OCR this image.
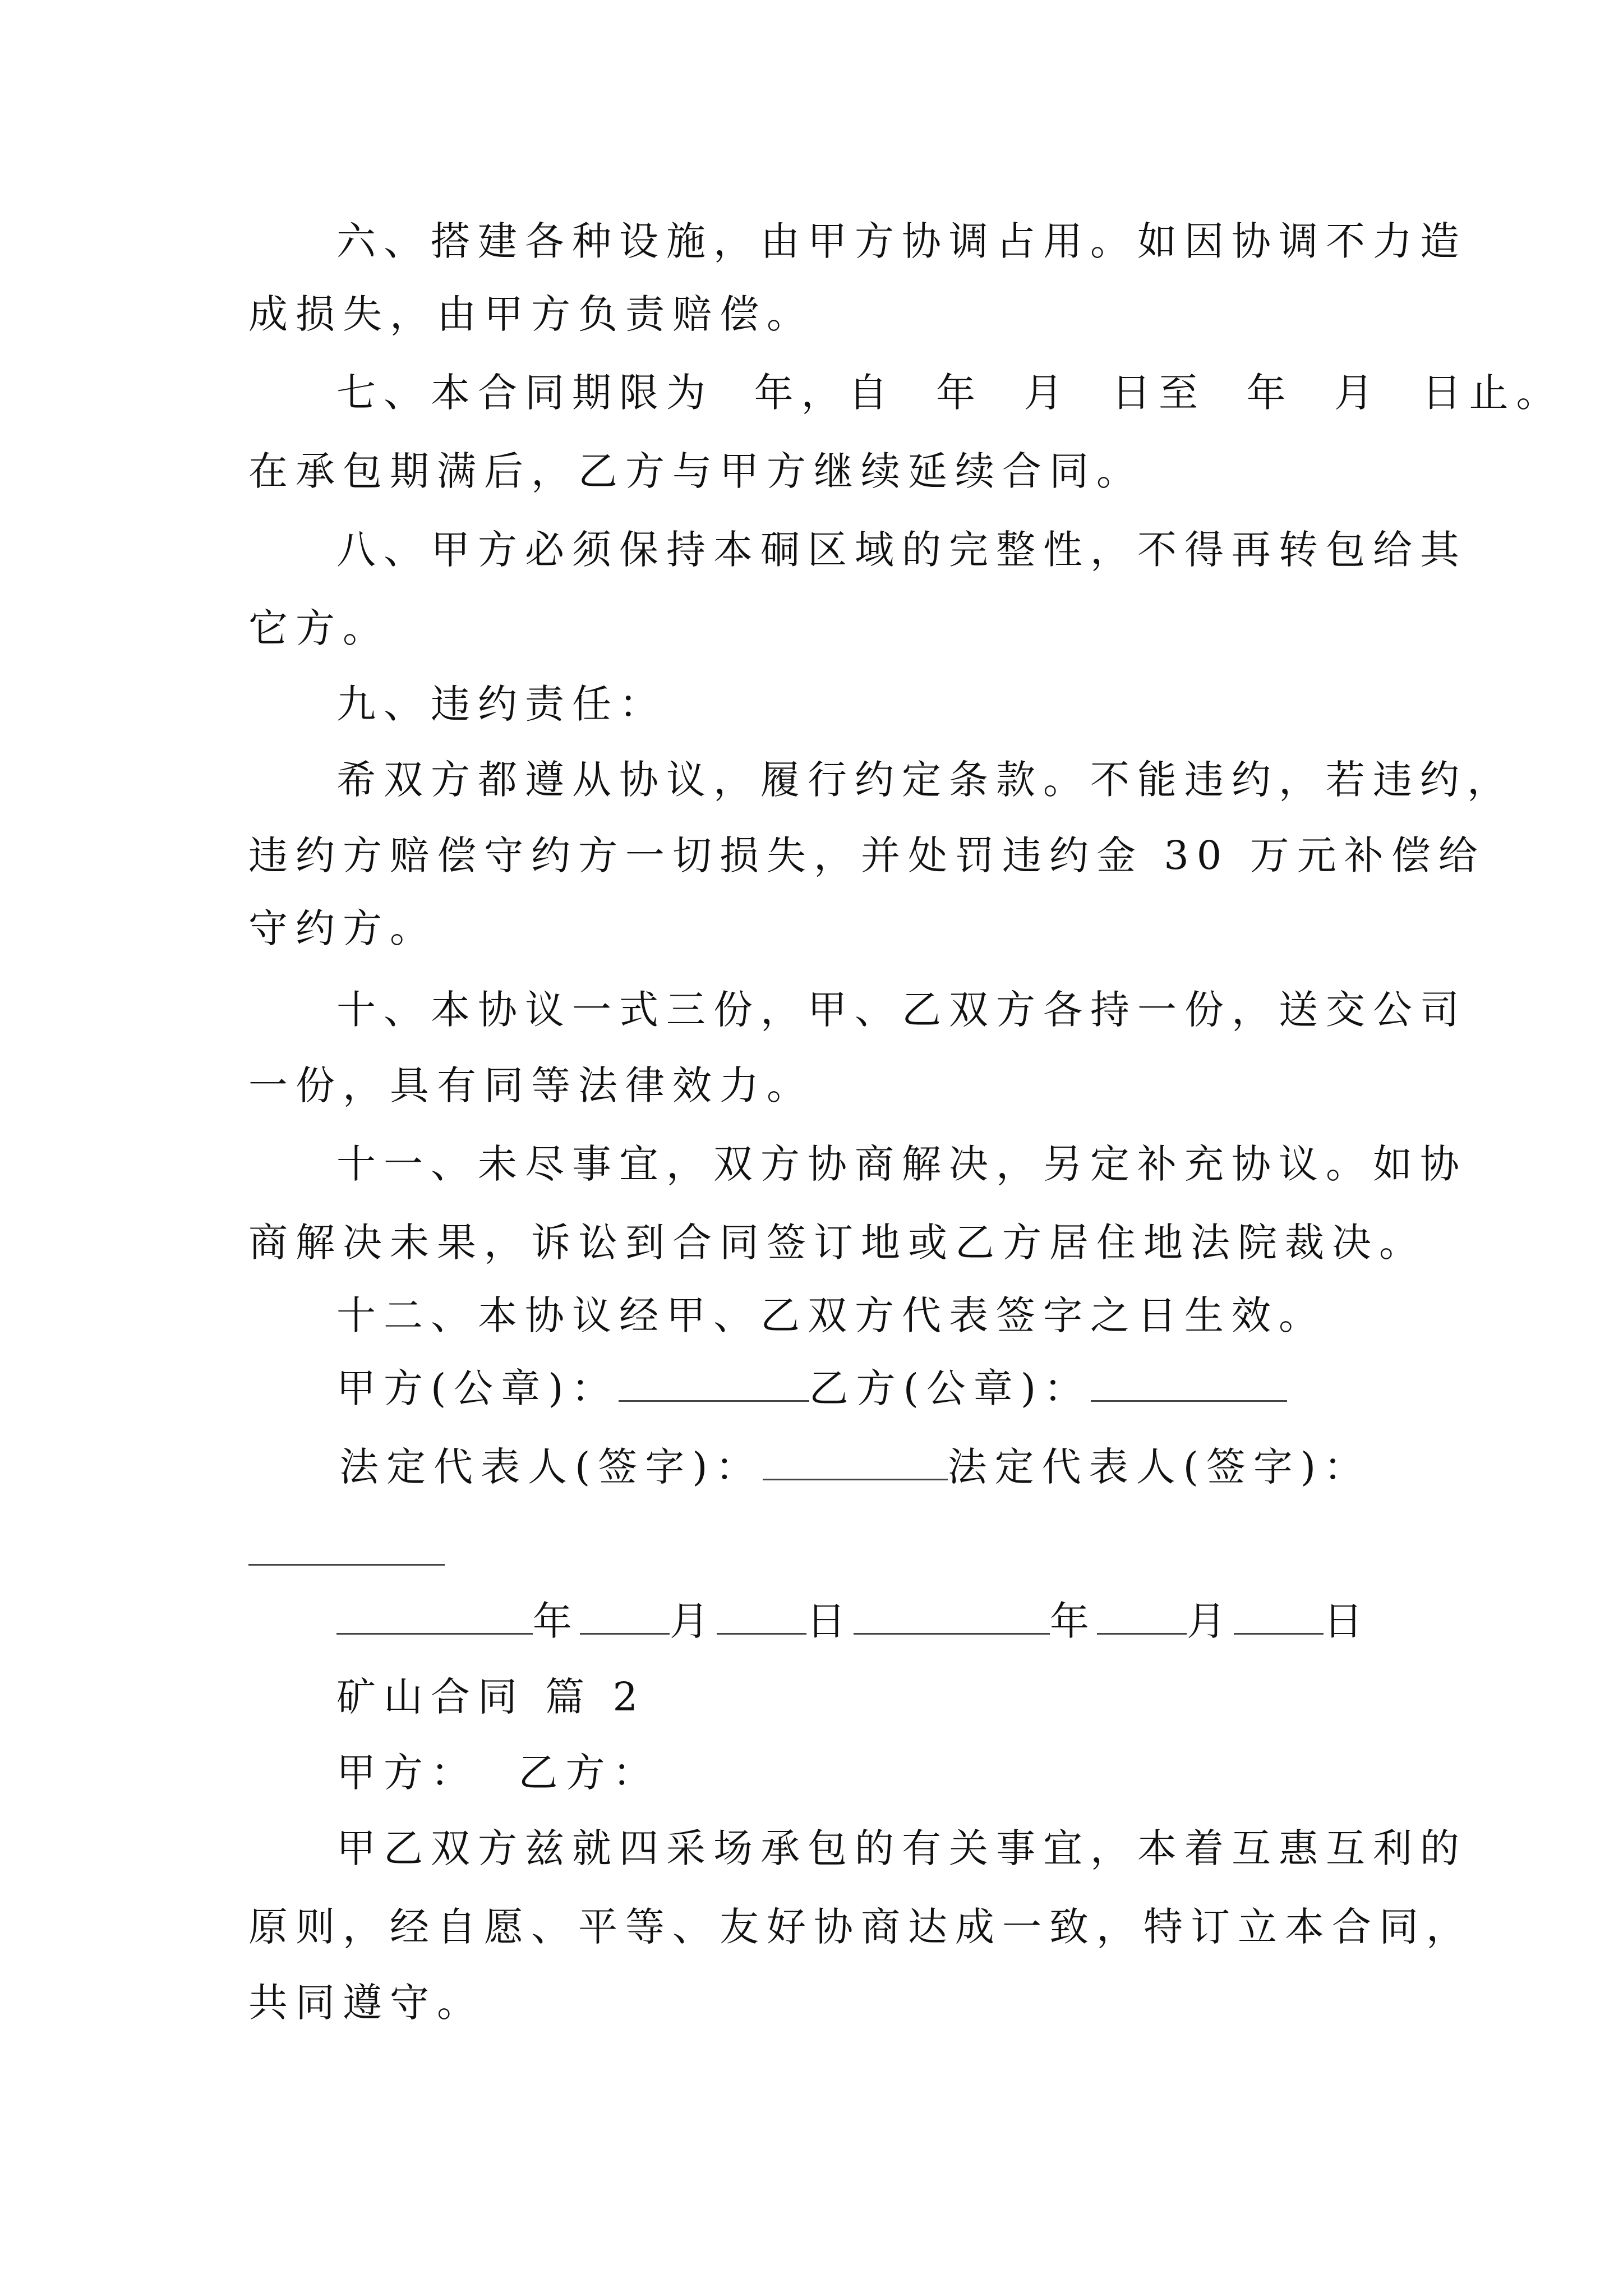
六、搭建各种设施，由甲方协调占用。如因协调不力造
成损失，由甲方负责赔偿。
七、本合同期限为  年，自  年  月  日至  年  月  日止。
在承包期满后，乙方与甲方继续延续合同。
八、甲方必须保持本硐区域的完整性，不得再转包给其
它方。
九、违约责任：
希双方都遵从协议，履行约定条款。不能违约，若违约，
违约方赔偿守约方一切损失，并处罚违约金 30 万元补偿给
守约方。
十、本协议一式三份，甲、乙双方各持一份，送交公司
一份，具有同等法律效力。
十一、未尽事宜，双方协商解决，另定补充协议。如协
商解决未果，诉讼到合同签订地或乙方居住地法院裁决。
十二、本协议经甲、乙双方代表签字之日生效。
甲方(公章)：	乙方(公章)：
法定代表人(签字)：	法定代表人(签字)：
年 月 日	年 月 日
矿山合同 篇 2
甲方：  乙方：
甲乙双方兹就四采场承包的有关事宜，本着互惠互利的
原则，经自愿、平等、友好协商达成一致，特订立本合同，
共同遵守。
